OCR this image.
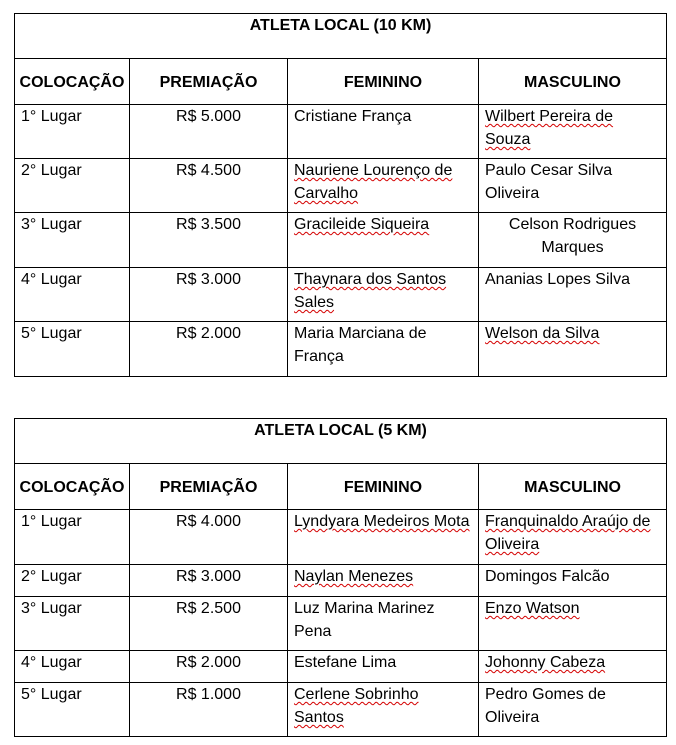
ATLETA LOCAL (10 KM)			
COLOCAÇÃO	PREMIAÇÃO	FEMININO	MASCULINO
1° Lugar	R$ 5.000	Cristiane França	Wilbert Pereira de Souza
2° Lugar	R$ 4.500	Nauriene Lourenço de Carvalho	Paulo Cesar Silva Oliveira
3° Lugar	R$ 3.500	Gracileide Siqueira	Celson Rodrigues Marques
4° Lugar	R$ 3.000	Thaynara dos Santos Sales	Ananias Lopes Silva
5° Lugar	R$ 2.000	Maria Marciana de França	Welson da Silva
ATLETA LOCAL (5 KM)			
COLOCAÇÃO	PREMIAÇÃO	FEMININO	MASCULINO
1° Lugar	R$ 4.000	Lyndyara Medeiros Mota	Franquinaldo Araújo de Oliveira
2° Lugar	R$ 3.000	Naylan Menezes	Domingos Falcão
3° Lugar	R$ 2.500	Luz Marina Marinez Pena	Enzo Watson
4° Lugar	R$ 2.000	Estefane Lima	Johonny Cabeza
5° Lugar	R$ 1.000	Cerlene Sobrinho Santos	Pedro Gomes de Oliveira
